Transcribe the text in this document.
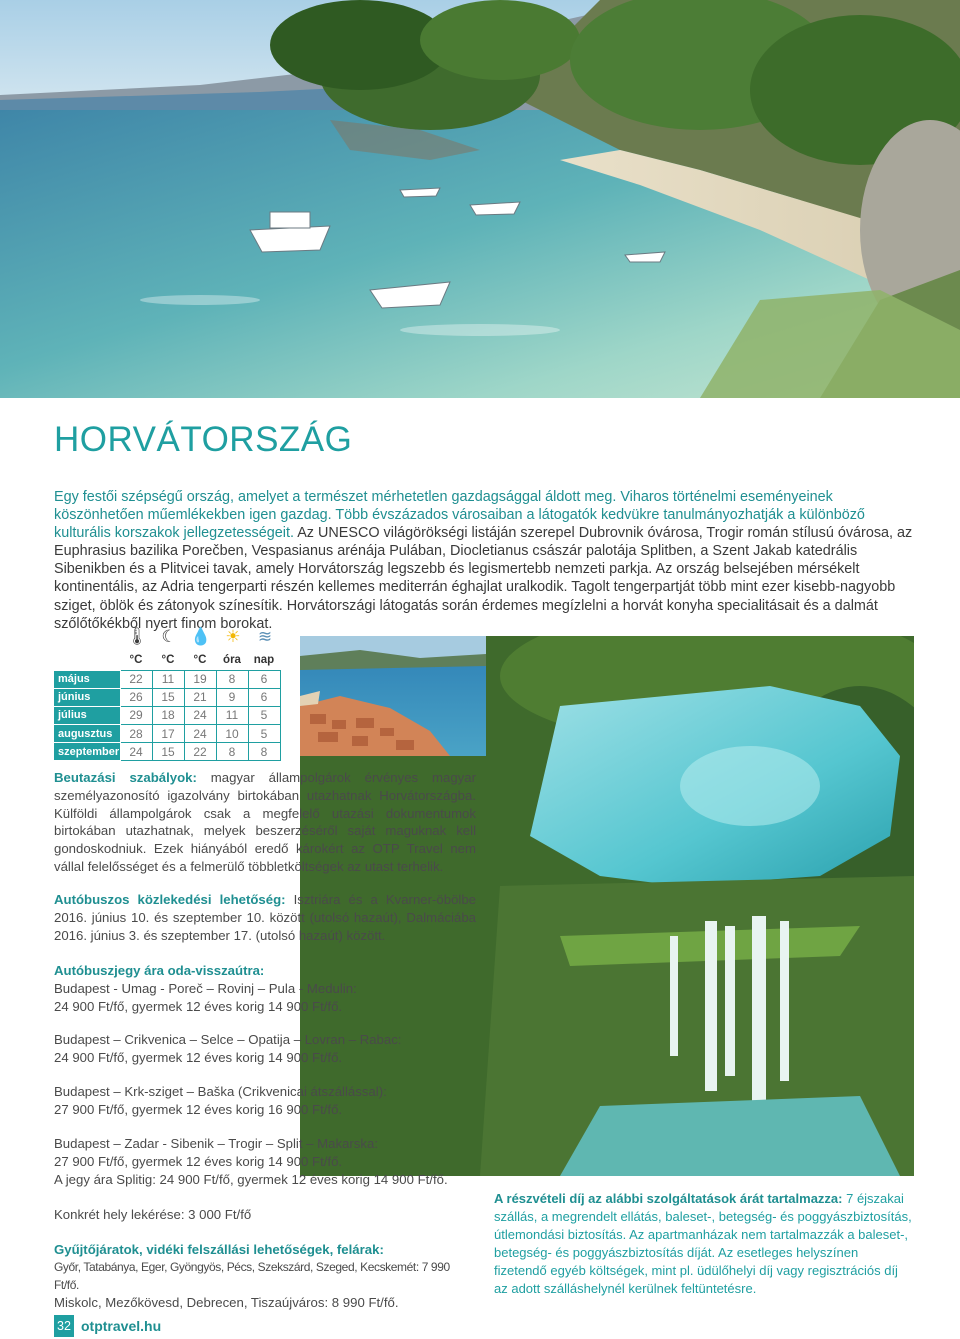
HORVÁTORSZÁG
Egy festői szépségű ország, amelyet a természet mérhetetlen gazdagsággal áldott meg. Viharos történelmi eseményeinek köszönhetően műemlékekben igen gazdag. Több évszázados városaiban a látogatók kedvükre tanulmányozhatják a különböző kulturális korszakok jellegzetességeit. Az UNESCO világörökségi listáján szerepel Dubrovnik óvárosa, Trogir román stílusú óvárosa, az Euphrasius bazilika Porečben, Vespasianus arénája Pulában, Diocletianus császár palotája Splitben, a Szent Jakab katedrális Sibenikben és a Plitvicei tavak, amely Horvátország legszebb és legismertebb nemzeti parkja. Az ország belsejében mérsékelt kontinentális, az Adria tengerparti részén kellemes mediterrán éghajlat uralkodik. Tagolt tengerpartját több mint ezer kisebb-nagyobb sziget, öblök és zátonyok színesítik. Horvátországi látogatás során érdemes megízlelni a horvát konyha specialitásait és a dalmát szőlőtőkékből nyert finom borokat.
🌡 ☾ 💧 ☀	≋
	°C	°C	°C	óra	nap
május	22	11	19	8	6
június	26	15	21	9	6
július	29	18	24	11	5
augusztus	28	17	24	10	5
szeptember	24	15	22	8	8
Beutazási szabályok: magyar állampolgárok érvényes magyar személyazonosító igazolvány birtokában utazhatnak Horvátországba. Külföldi állampolgárok csak a megfelelő utazási dokumentumok birtokában utazhatnak, melyek beszerzéséről saját maguknak kell gondoskodniuk. Ezek hiányából eredő károkért az OTP Travel nem vállal felelősséget és a felmerülő többletköltségek az utast terhelik.
Autóbuszos közlekedési lehetőség: Isztriára és a Kvarner-öbölbe 2016. június 10. és szeptember 10. között (utolsó hazaút), Dalmáciába 2016. június 3. és szeptember 17. (utolsó hazaút) között.

Autóbuszjegy ára oda-visszaútra:

Budapest - Umag - Poreč – Rovinj – Pula - Medulin:

24 900 Ft/fő, gyermek 12 éves korig 14 900 Ft/fő.

Budapest – Crikvenica – Selce – Opatija – Lovran – Rabac:

24 900 Ft/fő, gyermek 12 éves korig 14 900 Ft/fő.

Budapest – Krk-sziget – Baška (Crikvenicai átszállással):

27 900 Ft/fő, gyermek 12 éves korig 16 900 Ft/fő.

Budapest – Zadar - Sibenik – Trogir – Split – Makarska:

27 900 Ft/fő, gyermek 12 éves korig 14 900 Ft/fő.

A jegy ára Splitig: 24 900 Ft/fő, gyermek 12 éves korig 14 900 Ft/fő.

Konkrét hely lekérése: 3 000 Ft/fő

Gyűjtőjáratok, vidéki felszállási lehetőségek, felárak:

Győr, Tatabánya, Eger, Gyöngyös, Pécs, Szekszárd, Szeged, Kecskemét: 7 990 Ft/fő.

Miskolc, Mezőkövesd, Debrecen, Tiszaújváros: 8 990 Ft/fő.

A részvételi díj az alábbi szolgáltatások árát tartalmazza: 7 éjszakai szállás, a megrendelt ellátás, baleset-, betegség- és poggyászbiztosítás, útlemondási biztosítás. Az apartmanházak nem tartalmazzák a baleset-, betegség- és poggyászbiztosítás díját. Az esetleges helyszínen fizetendő egyéb költségek, mint pl. üdülőhelyi díj vagy regisztrációs díj az adott szálláshelynél kerülnek feltüntetésre.
32 otptravel.hu
